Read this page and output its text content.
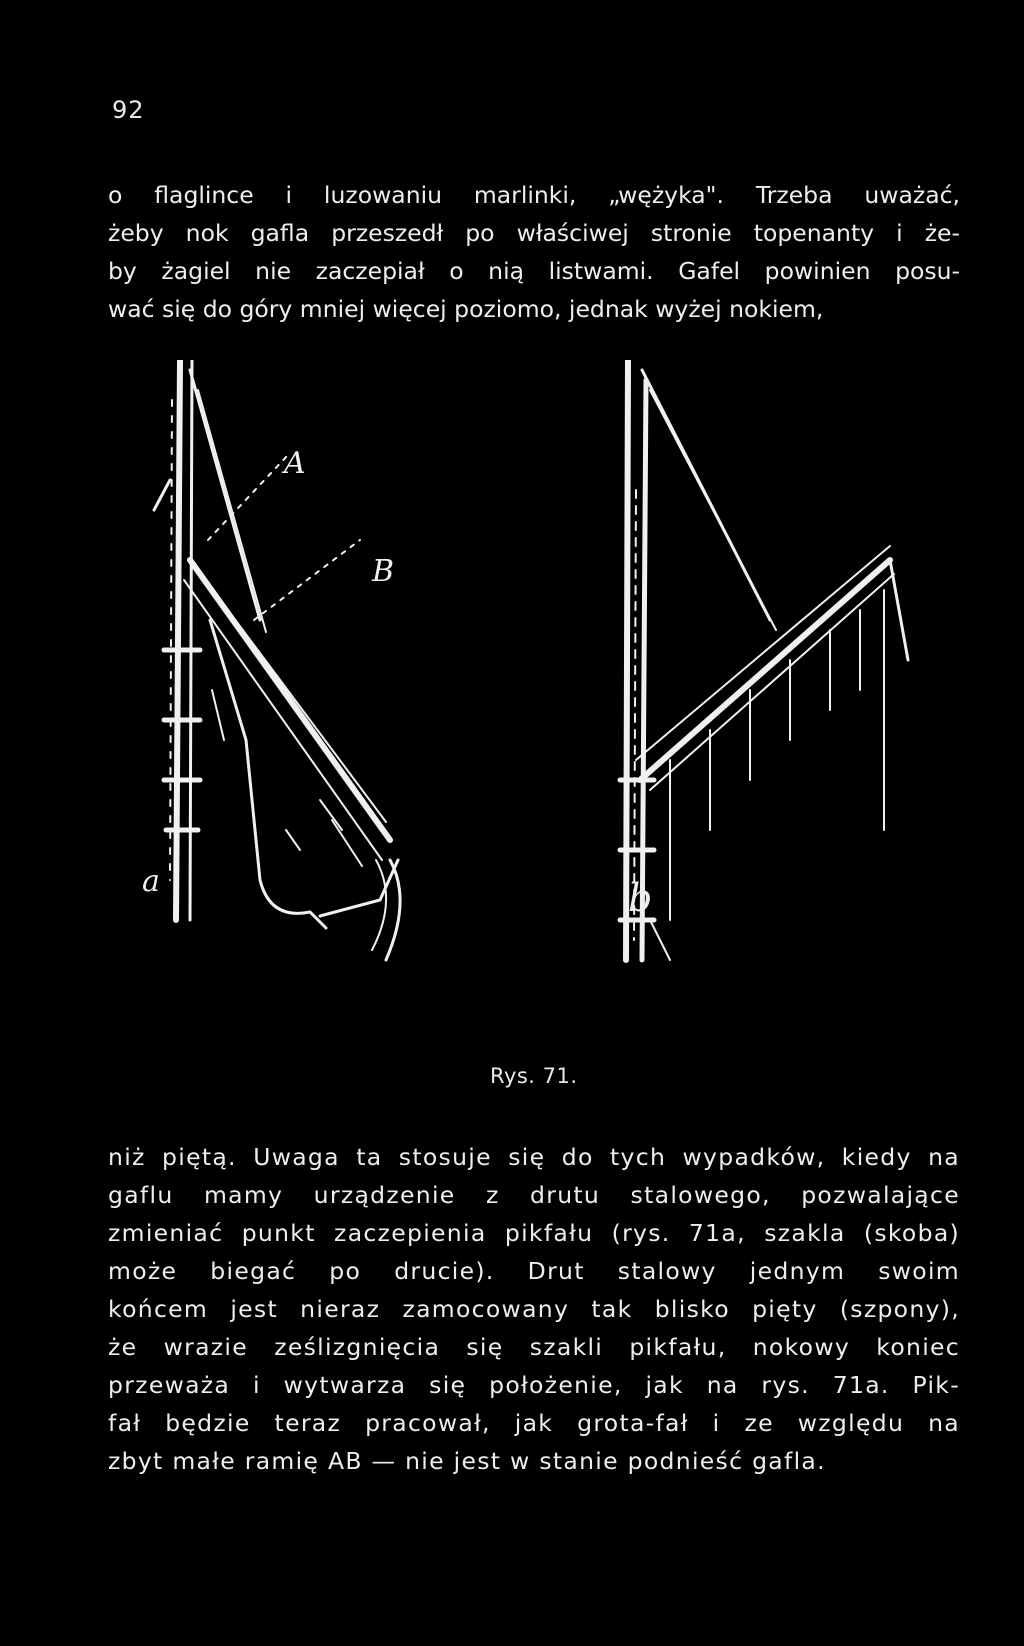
92
o flaglince i luzowaniu marlinki, „wężyka". Trzeba uważać,
żeby nok gafla przeszedł po właściwej stronie topenanty i że-
by żagiel nie zaczepiał o nią listwami. Gafel powinien posu-
wać się do góry mniej więcej poziomo, jednak wyżej nokiem,
a	b
A
B
Rys. 71.
niż piętą. Uwaga ta stosuje się do tych wypadków, kiedy na
gaflu mamy urządzenie z drutu stalowego, pozwalające
zmieniać punkt zaczepienia pikfału (rys. 71a, szakla (skoba)
może biegać po drucie). Drut stalowy jednym swoim
końcem jest nieraz zamocowany tak blisko pięty (szpony),
że wrazie ześlizgnięcia się szakli pikfału, nokowy koniec
przeważa i wytwarza się położenie, jak na rys. 71a. Pik-
fał będzie teraz pracował, jak grota-fał i ze względu na
zbyt małe ramię AB — nie jest w stanie podnieść gafla.
